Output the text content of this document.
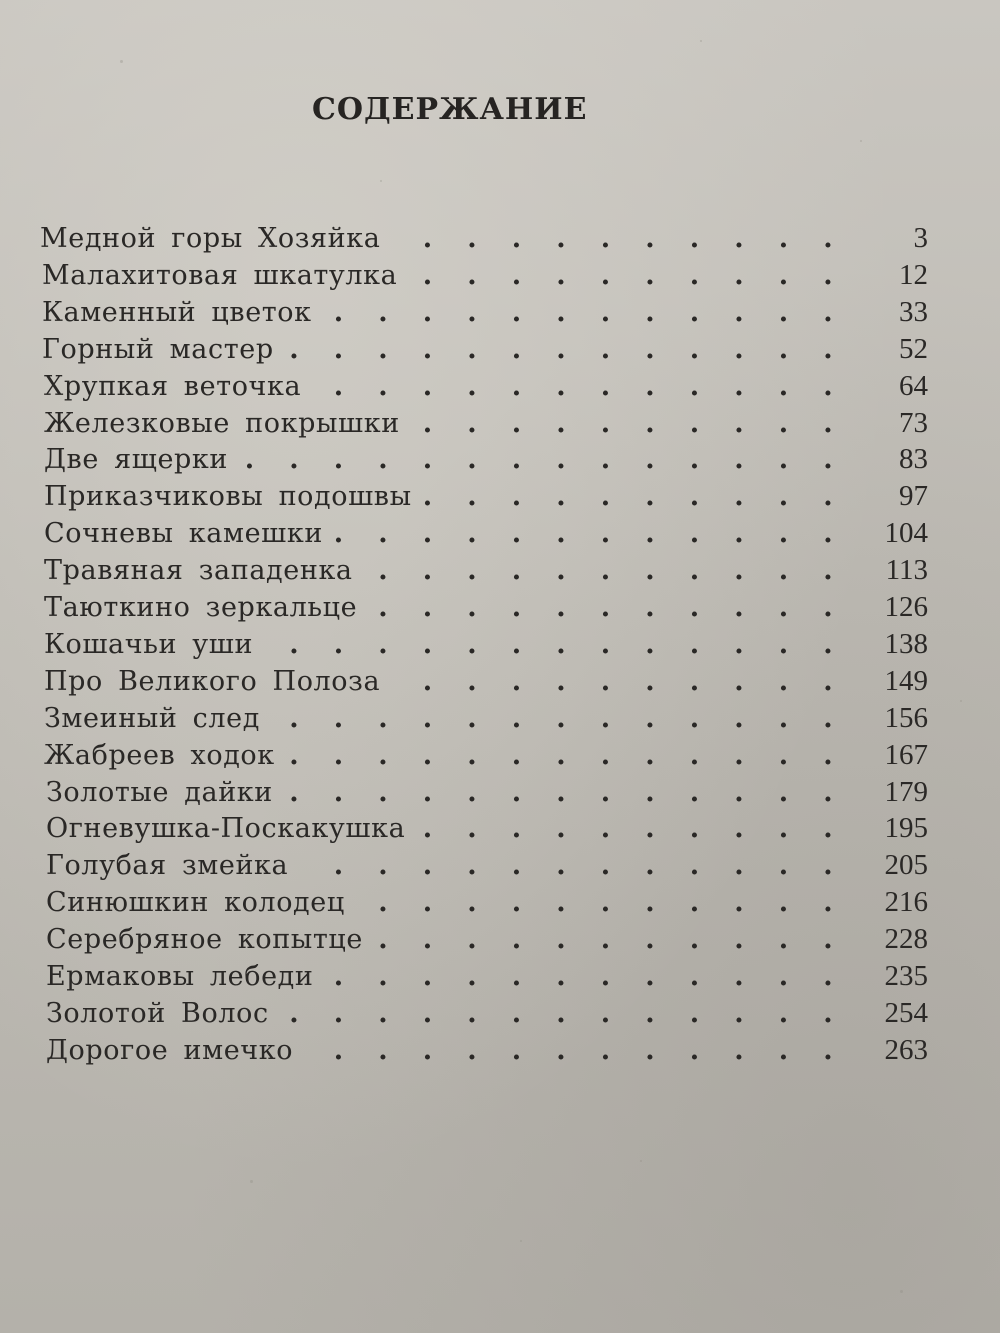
СОДЕРЖАНИЕ
Медной горы Хозяйка	3
.	.	.	.	.	.	.	.	.	.
Малахитовая шкатулка	12
.	.	.	.	.	.	.	.	.	.
Каменный цветок	33
.	.	.	.	.	.	.	.	.	.	.	.
Горный мастер	52
.	.	.	.	.	.	.	.	.	.	.	.	.
Хрупкая веточка	64
.	.	.	.	.	.	.	.	.	.	.	.
Железковые покрышки	73
.	.	.	.	.	.	.	.	.	.
Две ящерки	83
.	.	.	.	.	.	.	.	.	.	.	.	.	.
Приказчиковы подошвы	97
.	.	.	.	.	.	.	.	.	.
Сочневы камешки	104
.	.	.	.	.	.	.	.	.	.	.	.
Травяная западенка	113
.	.	.	.	.	.	.	.	.	.	.
Таюткино зеркальце	126
.	.	.	.	.	.	.	.	.	.	.
Кошачьи уши	138
.	.	.	.	.	.	.	.	.	.	.	.	.
Про Великого Полоза	149
.	.	.	.	.	.	.	.	.	.
Змеиный след	156
.	.	.	.	.	.	.	.	.	.	.	.	.
Жабреев ходок	167
.	.	.	.	.	.	.	.	.	.	.	.	.
Золотые дайки	179
.	.	.	.	.	.	.	.	.	.	.	.	.
Огневушка-Поскакушка	195
.	.	.	.	.	.	.	.	.	.
Голубая змейка	205
.	.	.	.	.	.	.	.	.	.	.	.
Синюшкин колодец	216
.	.	.	.	.	.	.	.	.	.	.
Серебряное копытце	228
.	.	.	.	.	.	.	.	.	.	.
Ермаковы лебеди	235
.	.	.	.	.	.	.	.	.	.	.	.
Золотой Волос	254
.	.	.	.	.	.	.	.	.	.	.	.	.
Дорогое имечко	263
.	.	.	.	.	.	.	.	.	.	.	.
